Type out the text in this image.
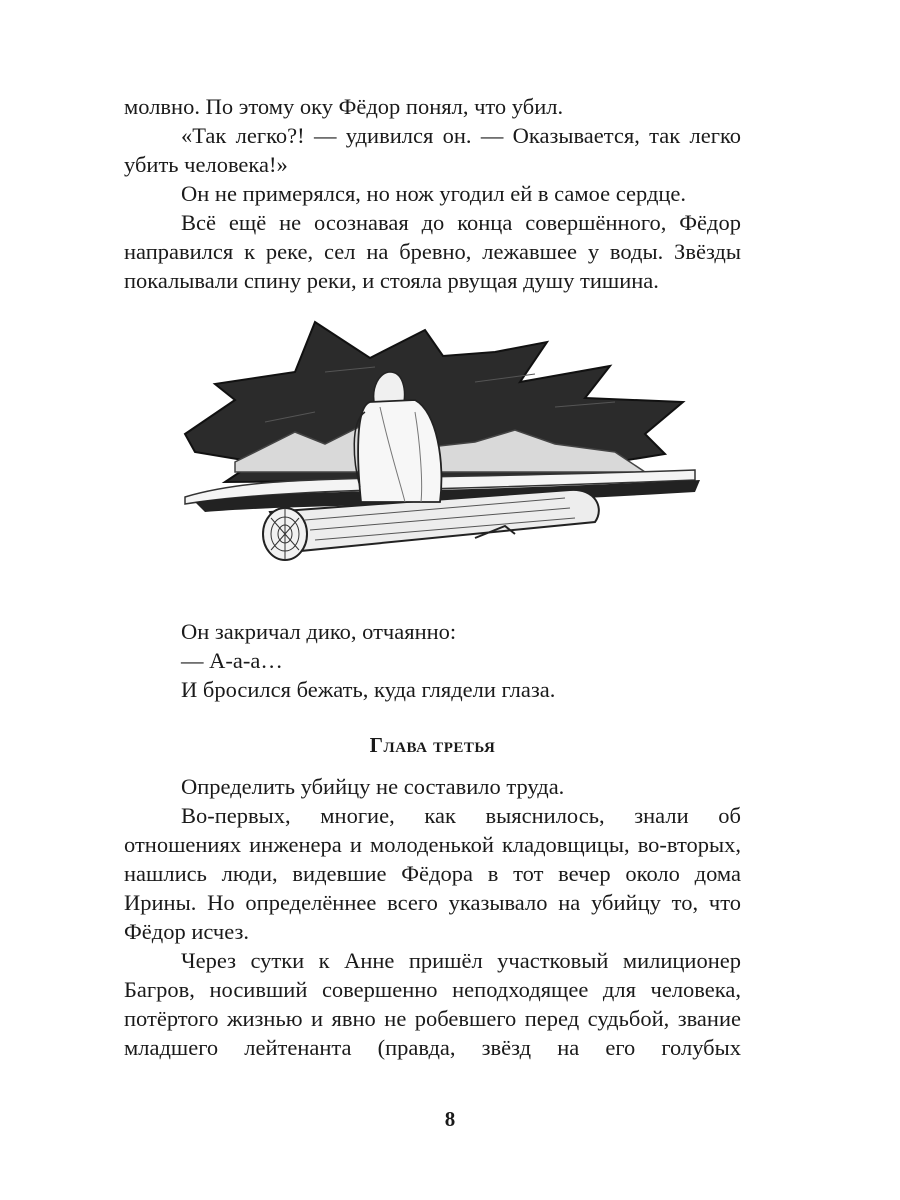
молвно. По этому оку Фёдор понял, что убил.

«Так легко?! — удивился он. — Оказывается, так легко убить человека!»

Он не примерялся, но нож угодил ей в самое сердце.

Всё ещё не осознавая до конца совершённого, Фёдор направился к реке, сел на бревно, лежавшее у воды. Звёзды покалывали спину реки, и стояла рвущая душу тишина.

Он закричал дико, отчаянно:

— А-а-а…

И бросился бежать, куда глядели глаза.

Глава третья

Определить убийцу не составило труда.

Во-первых, многие, как выяснилось, знали об отношениях инженера и молоденькой кладовщицы, во-вторых, нашлись люди, видевшие Фёдора в тот вечер около дома Ирины. Но определённее всего указывало на убийцу то, что Фёдор исчез.

Через сутки к Анне пришёл участковый милиционер Багров, носивший совершенно неподходящее для человека, потёртого жизнью и явно не робевшего перед судьбой, звание младшего лейтенанта (правда, звёзд на его голубых

8
